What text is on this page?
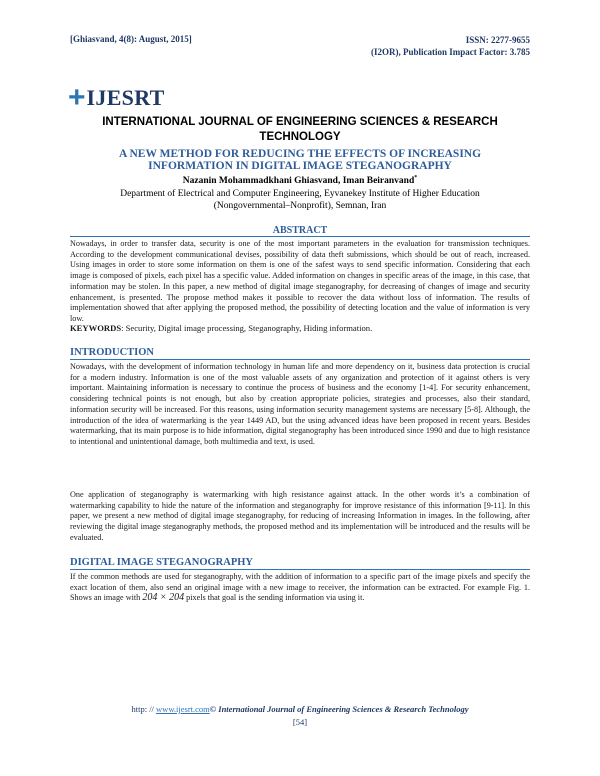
[Ghiasvand, 4(8): August, 2015]	ISSN: 2277-9655
(I2OR), Publication Impact Factor: 3.785
+ IJESRT
INTERNATIONAL JOURNAL OF ENGINEERING SCIENCES & RESEARCH TECHNOLOGY
A NEW METHOD FOR REDUCING THE EFFECTS OF INCREASING INFORMATION IN DIGITAL IMAGE STEGANOGRAPHY
Nazanin Mohammadkhani Ghiasvand, Iman Beiranvand*
Department of Electrical and Computer Engineering, Eyvanekey Institute of Higher Education
(Nongovernmental–Nonprofit), Semnan, Iran
ABSTRACT
Nowadays, in order to transfer data, security is one of the most important parameters in the evaluation for transmission techniques. According to the development communicational devises, possibility of data theft submissions, which should be out of reach, increased. Using images in order to store some information on them is one of the safest ways to send specific information. Considering that each image is composed of pixels, each pixel has a specific value. Added information on changes in specific areas of the image, in this case, that information may be stolen. In this paper, a new method of digital image steganography, for decreasing of changes of image and security enhancement, is presented. The propose method makes it possible to recover the data without loss of information. The results of implementation showed that after applying the proposed method, the possibility of detecting location and the value of information is very low.
KEYWORDS: Security, Digital image processing, Steganography, Hiding information.
INTRODUCTION
Nowadays, with the development of information technology in human life and more dependency on it, business data protection is crucial for a modern industry. Information is one of the most valuable assets of any organization and protection of it against others is very important. Maintaining information is necessary to continue the process of business and the economy [1-4]. For security enhancement, considering technical points is not enough, but also by creation appropriate policies, strategies and processes, also their standard, information security will be increased. For this reasons, using information security management systems are necessary [5-8]. Although, the introduction of the idea of watermarking is the year 1449 AD, but the using advanced ideas have been proposed in recent years. Besides watermarking, that its main purpose is to hide information, digital steganography has been introduced since 1990 and due to high resistance to intentional and unintentional damage, both multimedia and text, is used.
One application of steganography is watermarking with high resistance against attack. In the other words it’s a combination of watermarking capability to hide the nature of the information and steganography for improve resistance of this information [9-11]. In this paper, we present a new method of digital image steganography, for reducing of increasing Information in images. In the following, after reviewing the digital image steganography methods, the proposed method and its implementation will be introduced and the results will be evaluated.
DIGITAL IMAGE STEGANOGRAPHY
If the common methods are used for steganography, with the addition of information to a specific part of the image pixels and specify the exact location of them, also send an original image with a new image to receiver, the information can be extracted. For example Fig. 1. Shows an image with 204 × 204 pixels that goal is the sending information via using it.
http: // www.ijesrt.com© International Journal of Engineering Sciences & Research Technology
[54]
